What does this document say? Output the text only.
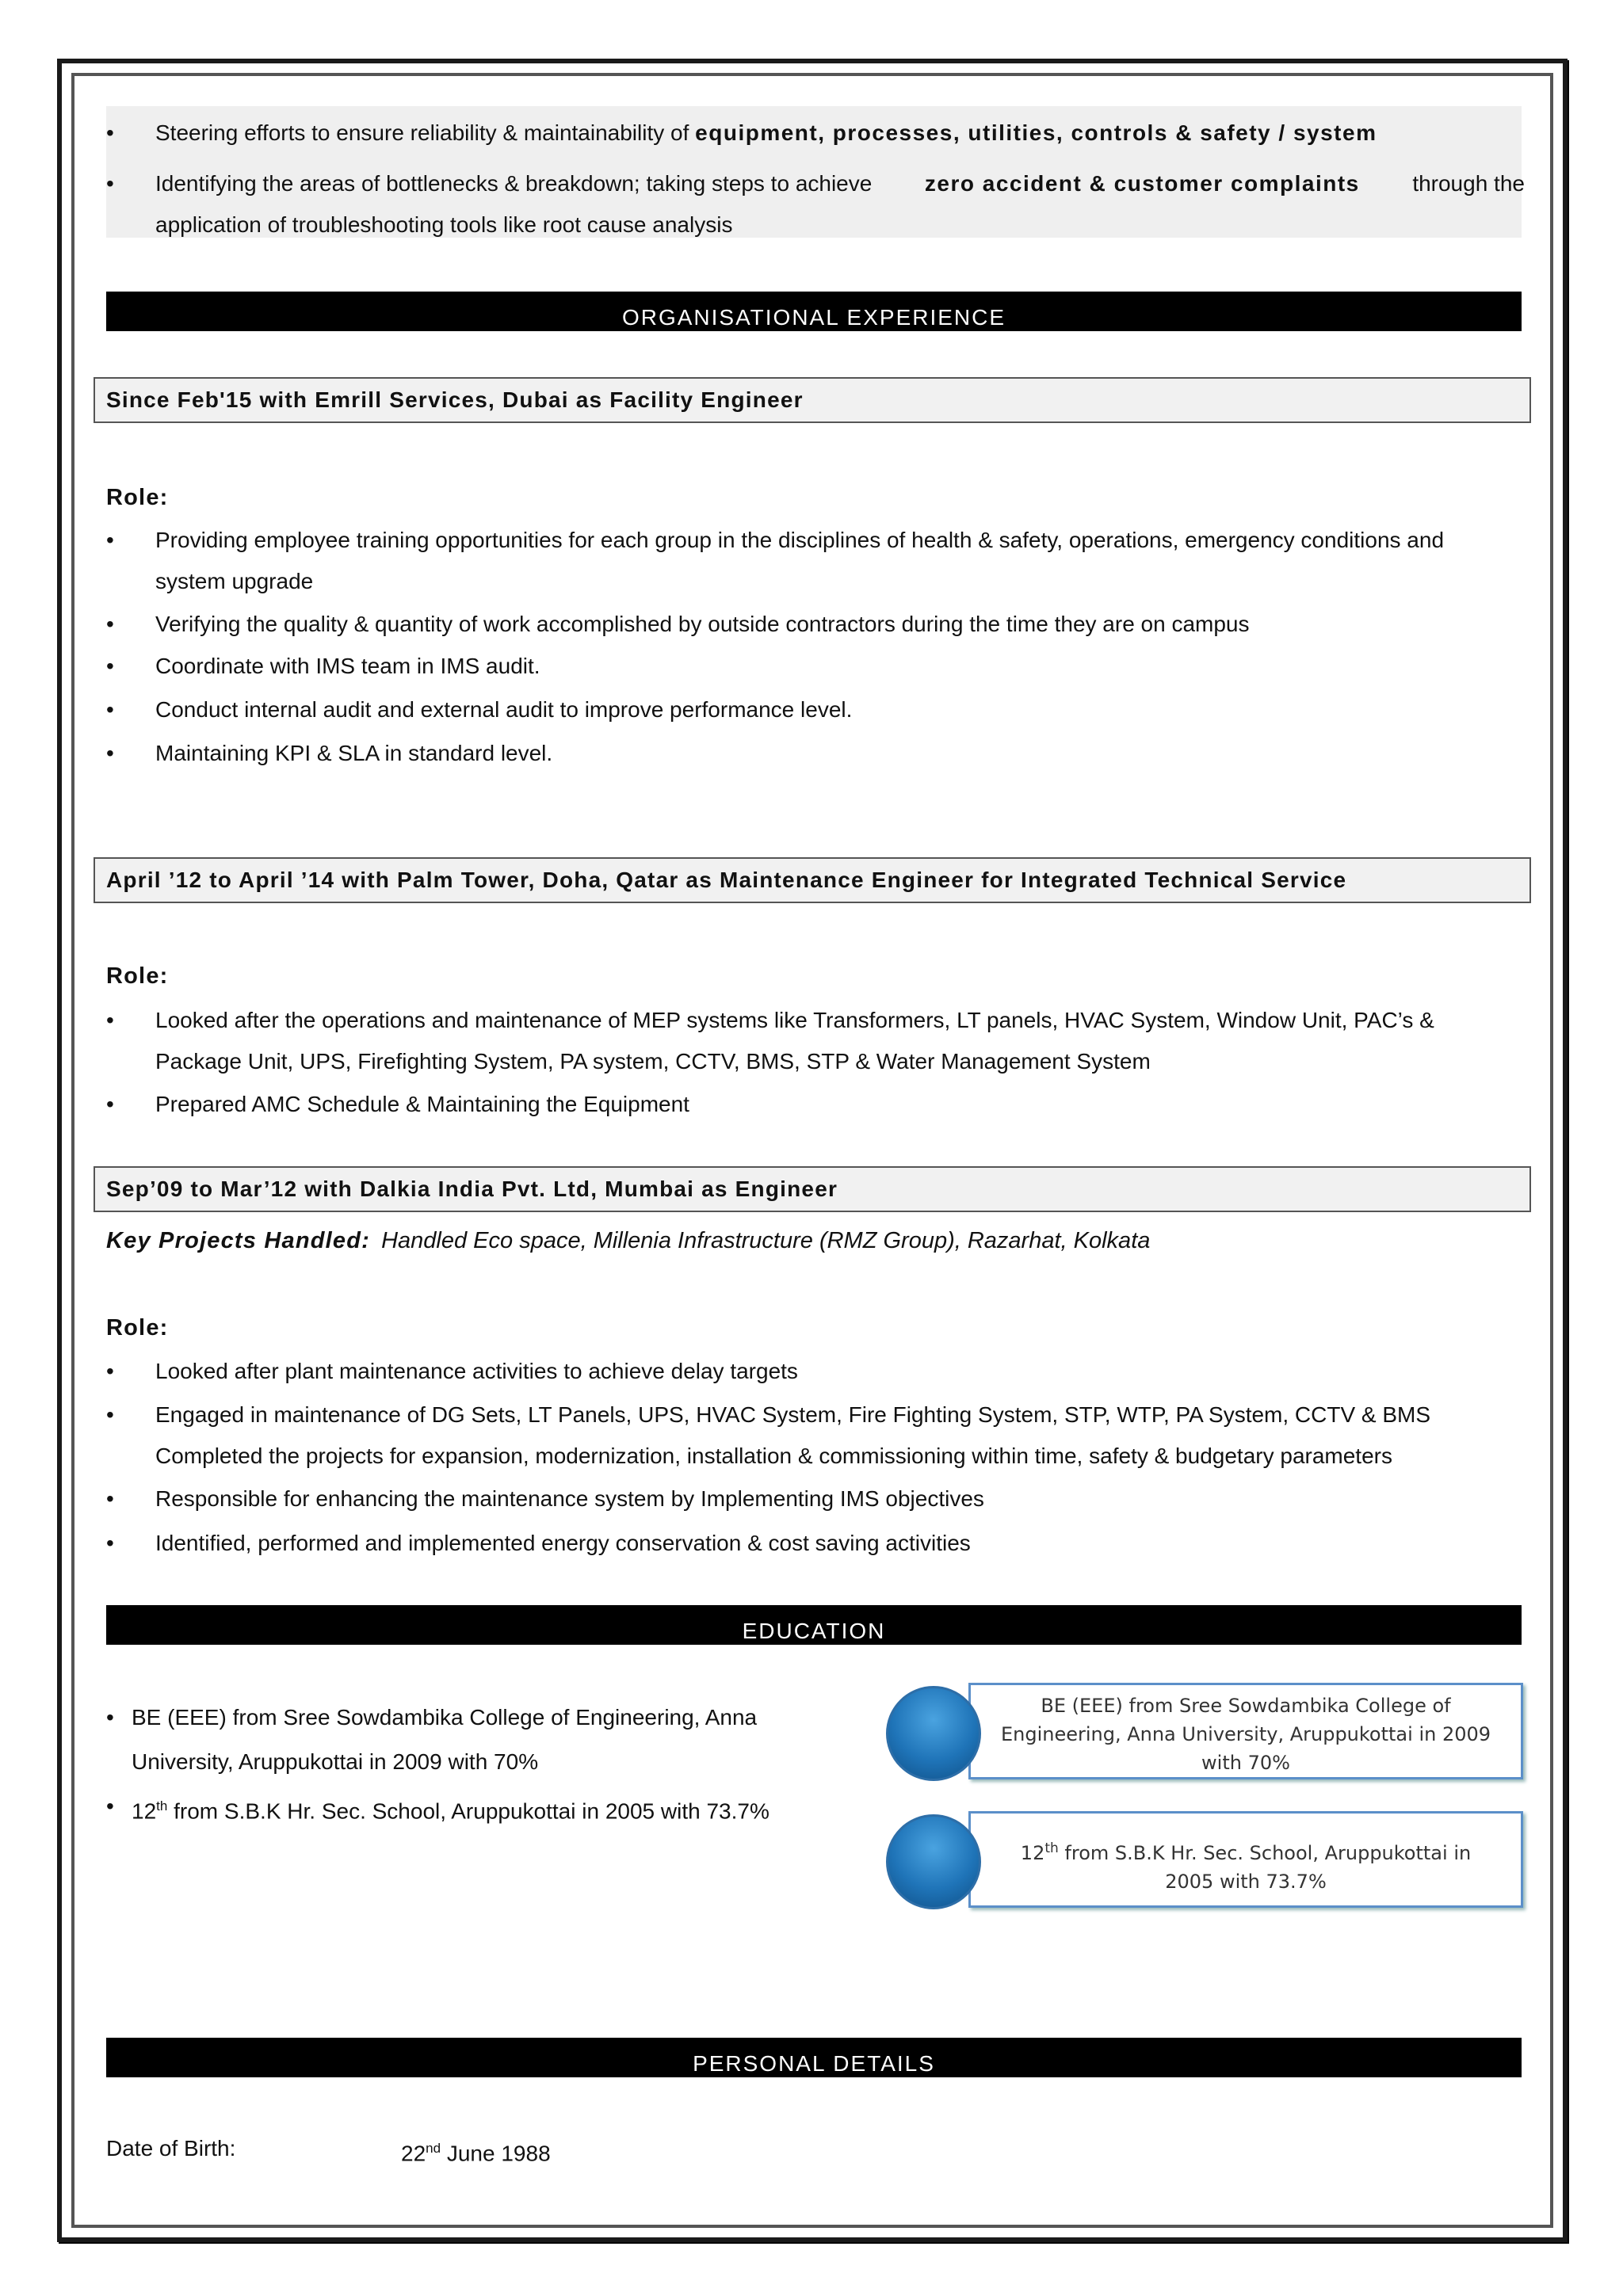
Steering efforts to ensure reliability & maintainability of equipment, processes, utilities, controls & safety / system
Identifying the areas of bottlenecks & breakdown; taking steps to achieve zero accident & customer complaints through the
application of troubleshooting tools like root cause analysis
ORGANISATIONAL EXPERIENCE
Since Feb'15 with Emrill Services, Dubai as Facility Engineer
Role:
Providing employee training opportunities for each group in the disciplines of health & safety, operations, emergency conditions and
system upgrade
Verifying the quality & quantity of work accomplished by outside contractors during the time they are on campus
Coordinate with IMS team in IMS audit.
Conduct internal audit and external audit to improve performance level.
Maintaining KPI & SLA in standard level.
April ’12 to April ’14 with Palm Tower, Doha, Qatar as Maintenance Engineer for Integrated Technical Service
Role:
Looked after the operations and maintenance of MEP systems like Transformers, LT panels, HVAC System, Window Unit, PAC’s &
Package Unit, UPS, Firefighting System, PA system, CCTV, BMS, STP & Water Management System
Prepared AMC Schedule & Maintaining the Equipment
Sep’09 to Mar’12 with Dalkia India Pvt. Ltd, Mumbai as Engineer
Key Projects Handled: Handled Eco space, Millenia Infrastructure (RMZ Group), Razarhat, Kolkata
Role:
Looked after plant maintenance activities to achieve delay targets
Engaged in maintenance of DG Sets, LT Panels, UPS, HVAC System, Fire Fighting System, STP, WTP, PA System, CCTV & BMS
Completed the projects for expansion, modernization, installation & commissioning within time, safety & budgetary parameters
Responsible for enhancing the maintenance system by Implementing IMS objectives
Identified, performed and implemented energy conservation & cost saving activities
EDUCATION
• BE (EEE) from Sree Sowdambika College of Engineering, Anna
University, Aruppukottai in 2009 with 70%
• 12th from S.B.K Hr. Sec. School, Aruppukottai in 2005 with 73.7%
BE (EEE) from Sree Sowdambika College of Engineering, Anna University, Aruppukottai in 2009 with 70%
12th from S.B.K Hr. Sec. School, Aruppukottai in 2005 with 73.7%
PERSONAL DETAILS
Date of Birth:	22nd June 1988
